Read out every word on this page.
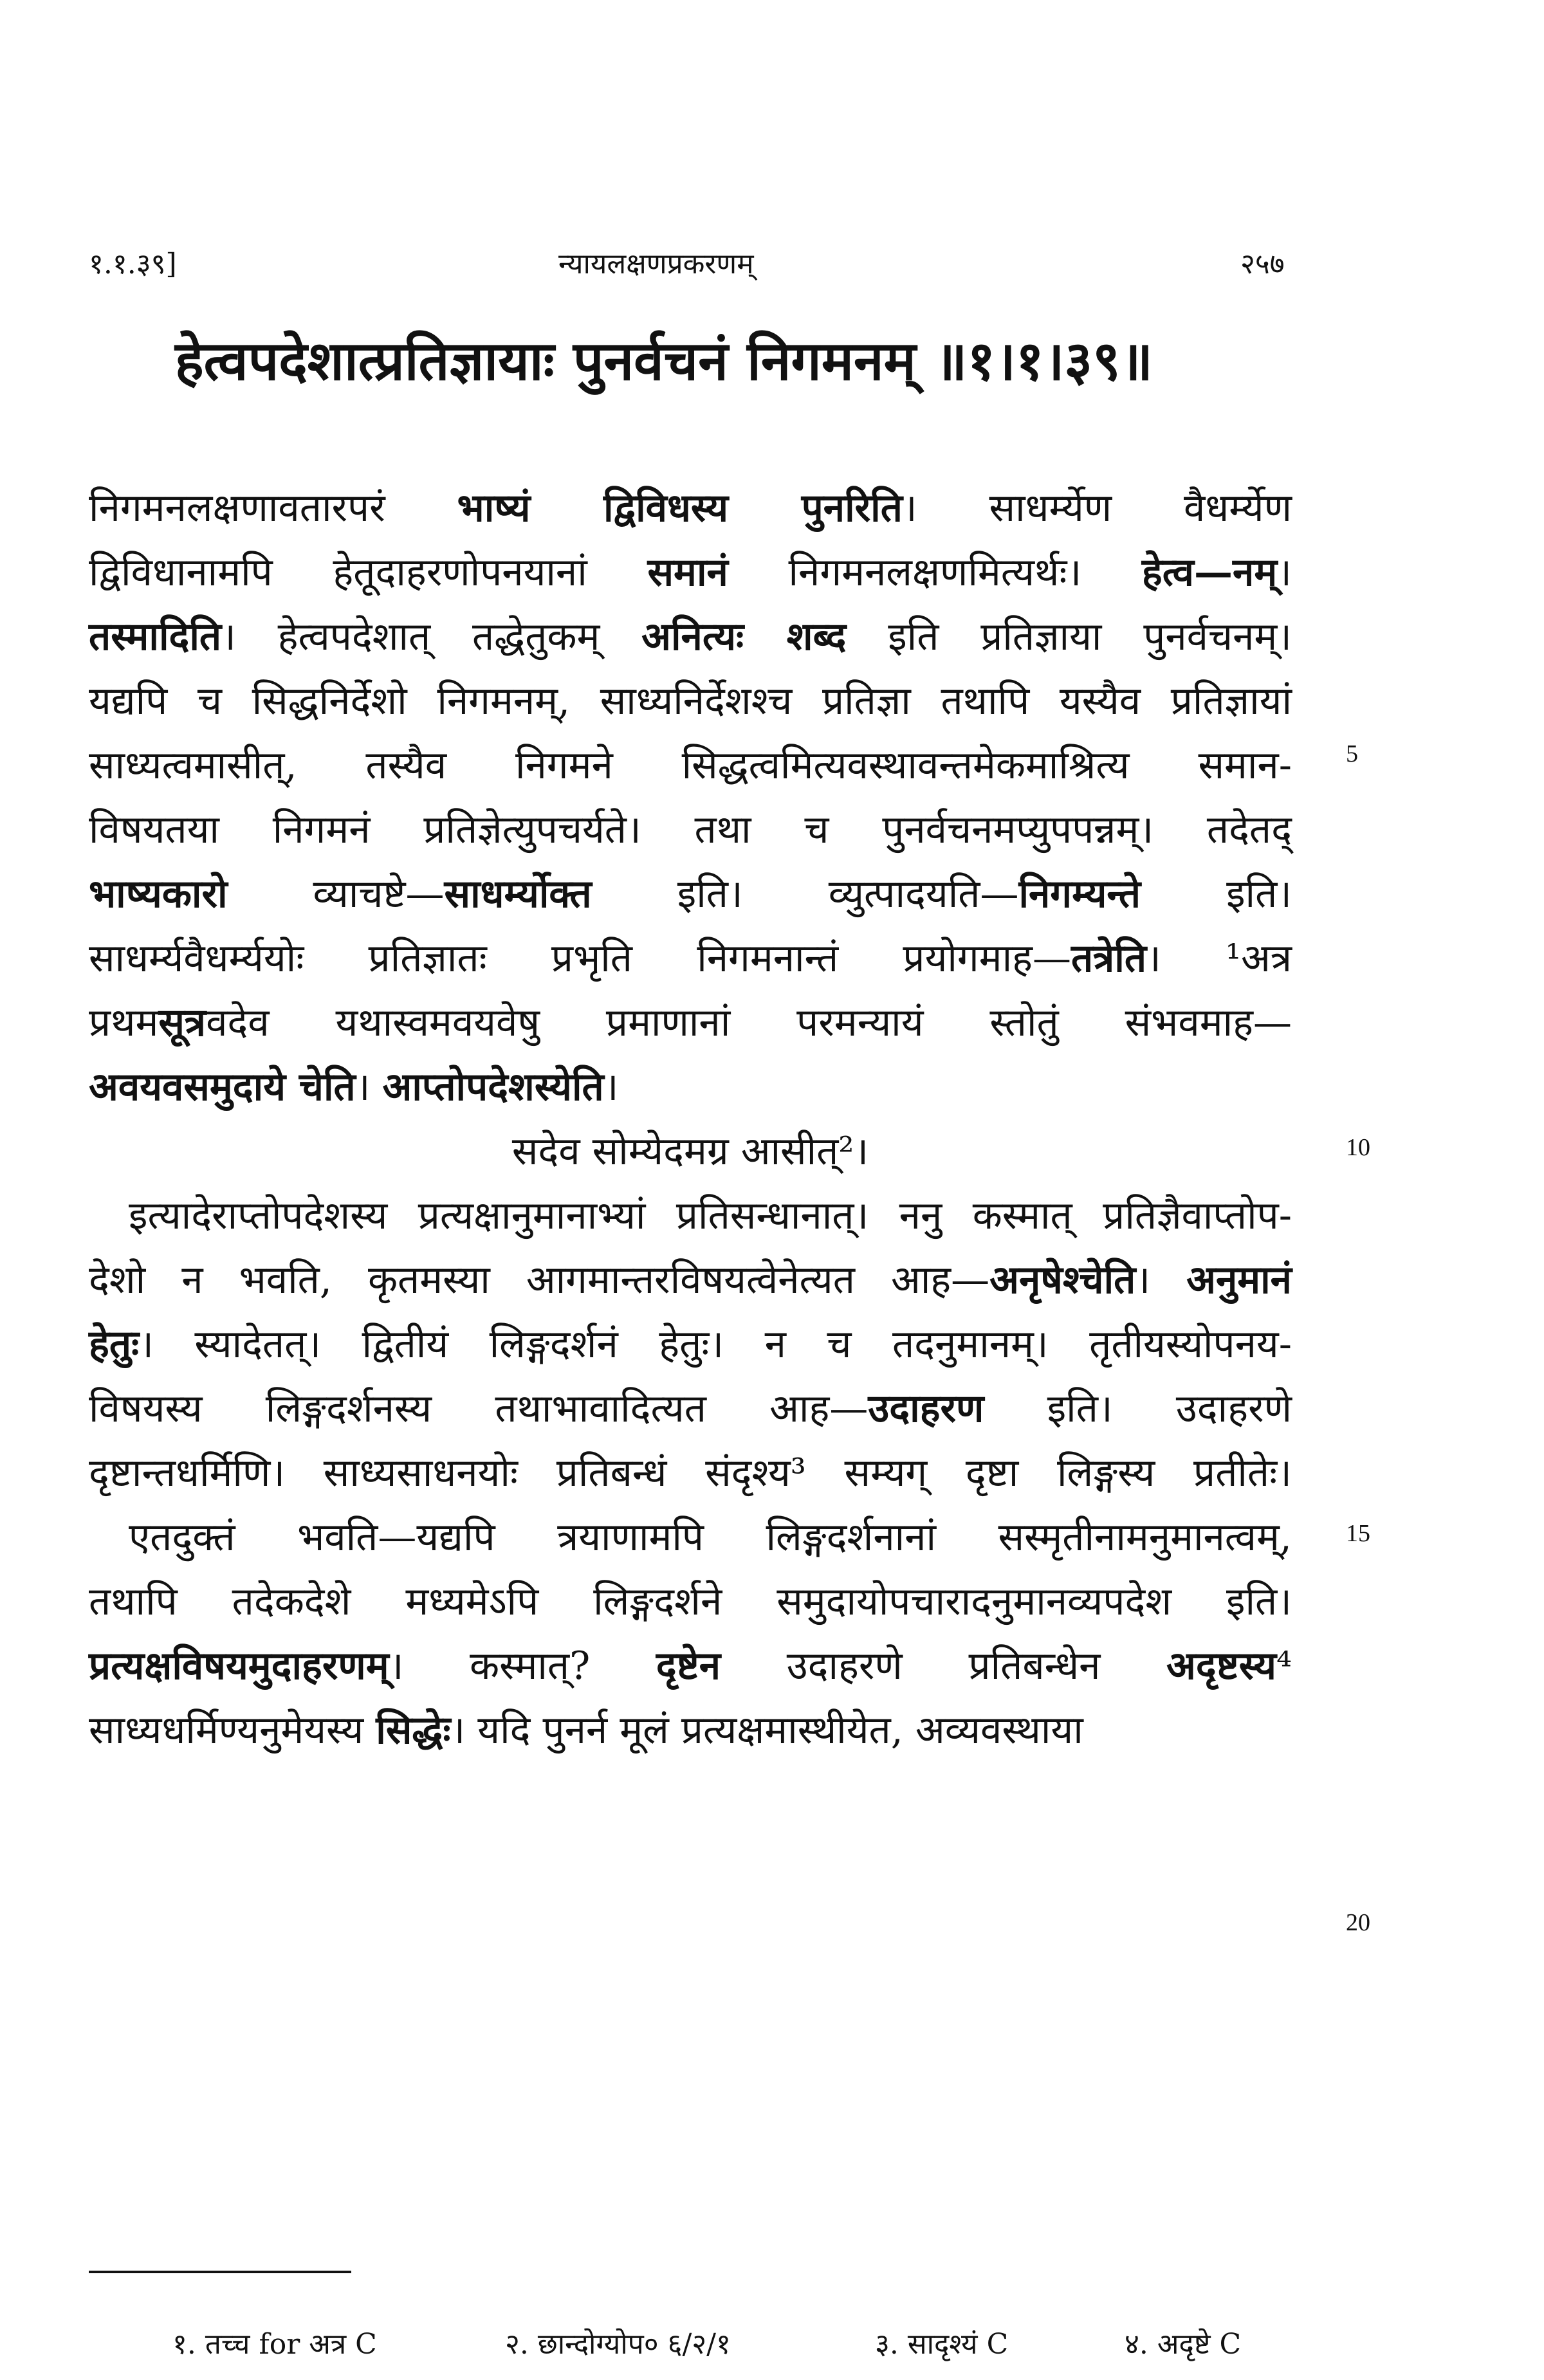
१.१.३९]	न्यायलक्षणप्रकरणम्	२५७
हेत्वपदेशात्प्रतिज्ञायाः पुनर्वचनं निगमनम् ॥१।१।३९॥
निगमनलक्षणावतारपरं भाष्यं द्विविधस्य पुनरिति। साधर्म्येण वैधर्म्येण
द्विविधानामपि हेतूदाहरणोपनयानां समानं निगमनलक्षणमित्यर्थः। हेत्व—नम्।
तस्मादिति। हेत्वपदेशात् तद्धेतुकम् अनित्यः शब्द इति प्रतिज्ञाया पुनर्वचनम्।
यद्यपि च सिद्धनिर्देशो निगमनम्, साध्यनिर्देशश्च प्रतिज्ञा तथापि यस्यैव प्रतिज्ञायां
साध्यत्वमासीत्, तस्यैव निगमने सिद्धत्वमित्यवस्थावन्तमेकमाश्रित्य समान-
विषयतया निगमनं प्रतिज्ञेत्युपचर्यते। तथा च पुनर्वचनमप्युपपन्नम्। तदेतद्
भाष्यकारो व्याचष्टे—साधर्म्योक्त इति। व्युत्पादयति—निगम्यन्ते इति।
साधर्म्यवैधर्म्ययोः प्रतिज्ञातः प्रभृति निगमनान्तं प्रयोगमाह—तत्रेति। ¹अत्र
प्रथमसूत्रवदेव यथास्वमवयवेषु प्रमाणानां परमन्यायं स्तोतुं संभवमाह—
अवयवसमुदाये चेति। आप्तोपदेशस्येति।
सदेव सोम्येदमग्र आसीत्²।
इत्यादेराप्तोपदेशस्य प्रत्यक्षानुमानाभ्यां प्रतिसन्धानात्। ननु कस्मात् प्रतिज्ञैवाप्तोप-
देशो न भवति, कृतमस्या आगमान्तरविषयत्वेनेत्यत आह—अनृषेश्चेति। अनुमानं
हेतुः। स्यादेतत्। द्वितीयं लिङ्गदर्शनं हेतुः। न च तदनुमानम्। तृतीयस्योपनय-
विषयस्य लिङ्गदर्शनस्य तथाभावादित्यत आह—उदाहरण इति। उदाहरणे
दृष्टान्तधर्मिणि। साध्यसाधनयोः प्रतिबन्धं संदृश्य³ सम्यग् दृष्टा लिङ्गस्य प्रतीतेः।
एतदुक्तं भवति—यद्यपि त्रयाणामपि लिङ्गदर्शनानां सस्मृतीनामनुमानत्वम्,
तथापि तदेकदेशे मध्यमेऽपि लिङ्गदर्शने समुदायोपचारादनुमानव्यपदेश इति।
प्रत्यक्षविषयमुदाहरणम्। कस्मात्? दृष्टेन उदाहरणे प्रतिबन्धेन अदृष्टस्य⁴
साध्यधर्मिण्यनुमेयस्य सिद्धेः। यदि पुनर्न मूलं प्रत्यक्षमास्थीयेत, अव्यवस्थाया
5
10
15
20
१. तच्च for अत्र C	२. छान्दोग्योप० ६/२/१	३. सादृश्यं C	४. अदृष्टे C
